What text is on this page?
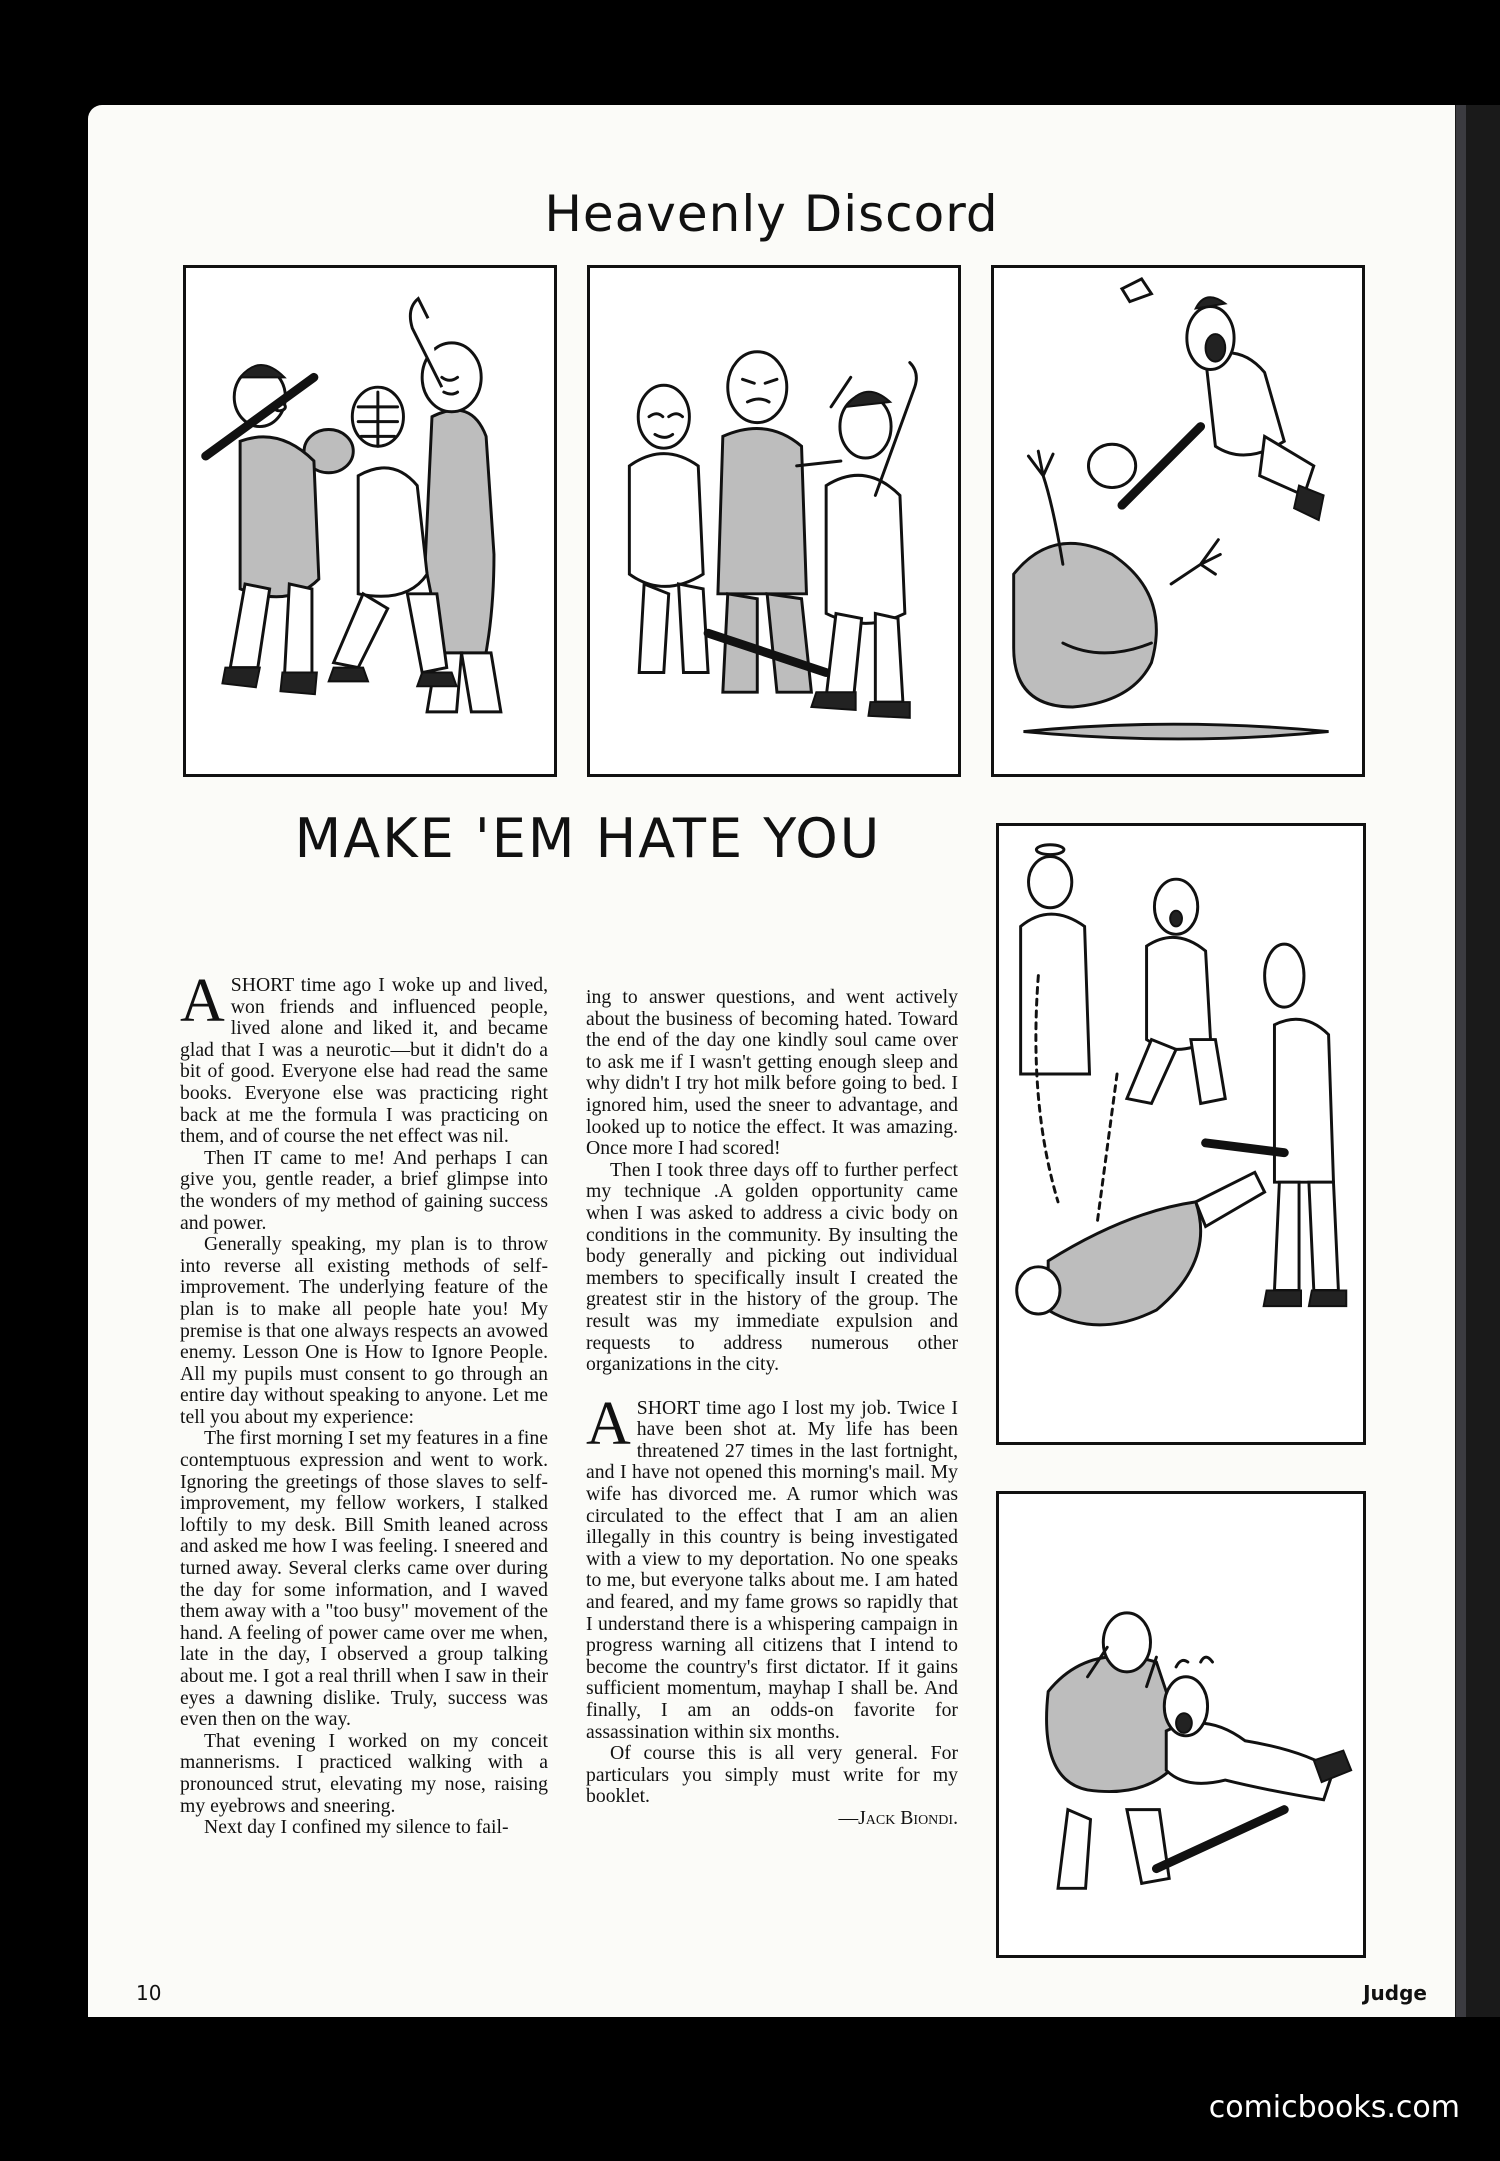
Heavenly Discord
MAKE 'EM HATE YOU

ASHORT time ago I woke up and lived, won friends and influenced people, lived alone and liked it, and became glad that I was a neurotic—but it didn't do a bit of good. Everyone else had read the same books. Everyone else was practicing right back at me the formula I was practicing on them, and of course the net effect was nil.

Then IT came to me! And perhaps I can give you, gentle reader, a brief glimpse into the wonders of my method of gaining success and power.

Generally speaking, my plan is to throw into reverse all existing methods of self-improvement. The underlying feature of the plan is to make all people hate you! My premise is that one always respects an avowed enemy. Lesson One is How to Ignore People. All my pupils must consent to go through an entire day without speaking to anyone. Let me tell you about my experience:

The first morning I set my features in a fine contemptuous expression and went to work. Ignoring the greetings of those slaves to self-improvement, my fellow workers, I stalked loftily to my desk. Bill Smith leaned across and asked me how I was feeling. I sneered and turned away. Several clerks came over during the day for some information, and I waved them away with a "too busy" movement of the hand. A feeling of power came over me when, late in the day, I observed a group talking about me. I got a real thrill when I saw in their eyes a dawning dislike. Truly, success was even then on the way.

That evening I worked on my conceit mannerisms. I practiced walking with a pronounced strut, elevating my nose, raising my eyebrows and sneering.

Next day I confined my silence to fail-

ing to answer questions, and went actively about the business of becoming hated. Toward the end of the day one kindly soul came over to ask me if I wasn't getting enough sleep and why didn't I try hot milk before going to bed. I ignored him, used the sneer to advantage, and looked up to notice the effect. It was amazing. Once more I had scored!

Then I took three days off to further perfect my technique .A golden opportunity came when I was asked to address a civic body on conditions in the community. By insulting the body generally and picking out individual members to specifically insult I created the greatest stir in the history of the group. The result was my immediate expulsion and requests to address numerous other organizations in the city.

ASHORT time ago I lost my job. Twice I have been shot at. My life has been threatened 27 times in the last fortnight, and I have not opened this morning's mail. My wife has divorced me. A rumor which was circulated to the effect that I am an alien illegally in this country is being investigated with a view to my deportation. No one speaks to me, but everyone talks about me. I am hated and feared, and my fame grows so rapidly that I understand there is a whispering campaign in progress warning all citizens that I intend to become the country's first dictator. If it gains sufficient momentum, mayhap I shall be. And finally, I am an odds-on favorite for assassination within six months.

Of course this is all very general. For particulars you simply must write for my booklet.

—Jack Biondi.
10	Judge
comicbooks.com
